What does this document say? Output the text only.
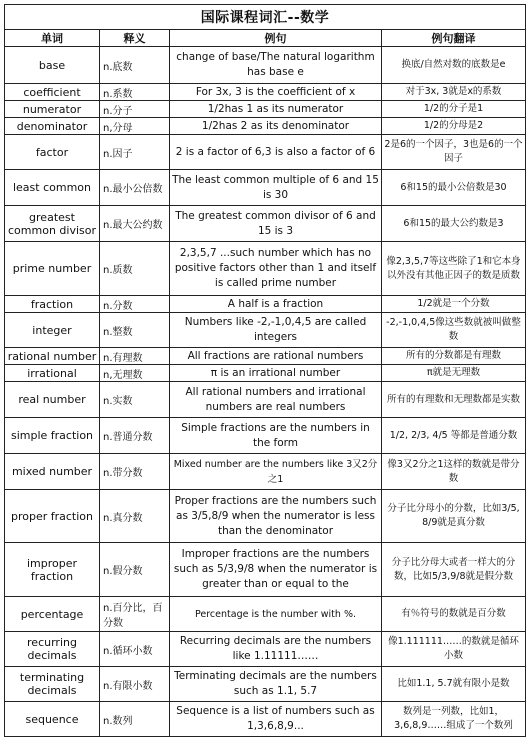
国际课程词汇--数学			
单词	释义	例句	例句翻译
base	n.底数	change of base/The natural logarithm has base e	换底/自然对数的底数是e
coefficient	n.系数	For 3x, 3 is the coefficient of x	对于3x, 3就是x的系数
numerator	n.分子	1/2has 1 as its numerator	1/2的分子是1
denominator	n,分母	1/2has 2 as its denominator	1/2的分母是2
factor	n.因子	2 is a factor of 6,3 is also a factor of 6	2是6的一个因子，3也是6的一个因子
least common	n.最小公倍数	The least common multiple of 6 and 15 is 30	6和15的最小公倍数是30
greatest common divisor	n.最大公约数	The greatest common divisor of 6 and 15 is 3	6和15的最大公约数是3
prime number	n.质数	2,3,5,7 ...such number which has no positive factors other than 1 and itself is called prime number	像2,3,5,7等这些除了1和它本身以外没有其他正因子的数是质数
fraction	n.分数	A half is a fraction	1/2就是一个分数
integer	n.整数	Numbers like -2,-1,0,4,5 are called integers	-2,-1,0,4,5像这些数就被叫做整数
rational number	n.有理数	All fractions are rational numbers	所有的分数都是有理数
irrational	n,无理数	π is an irrational number	π就是无理数
real number	n.实数	All rational numbers and irrational numbers are real numbers	所有的有理数和无理数都是实数
simple fraction	n.普通分数	Simple fractions are the numbers in the form	1/2, 2/3, 4/5 等都是普通分数
mixed number	n.带分数	Mixed number are the numbers like 3又2分之1	像3又2分之1这样的数就是带分数
proper fraction	n.真分数	Proper fractions are the numbers such as 3/5,8/9 when the numerator is less than the denominator	分子比分母小的分数，比如3/5, 8/9就是真分数
improper fraction	n.假分数	Improper fractions are the numbers such as 5/3,9/8 when the numerator is greater than or equal to the	分子比分母大或者一样大的分数，比如5/3,9/8就是假分数
percentage	n.百分比，百分数	Percentage is the number with %.	有％符号的数就是百分数
recurring decimals	n.循环小数	Recurring decimals are the numbers like 1.11111……	像1.111111……的数就是循环小数
terminating decimals	n.有限小数	Terminating decimals are the numbers such as 1.1, 5.7	比如1.1, 5.7就有限小是数
sequence	n.数列	Sequence is a list of numbers such as 1,3,6,8,9...	数列是一列数，比如1，3,6,8,9……组成了一个数列
